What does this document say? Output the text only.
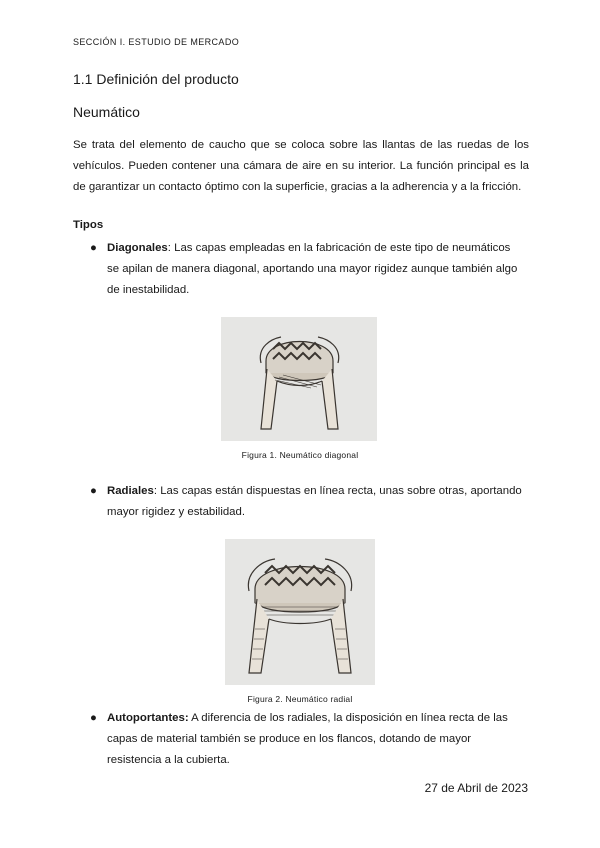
SECCIÓN I. ESTUDIO DE MERCADO
1.1 Definición del producto
Neumático
Se trata del elemento de caucho que se coloca sobre las llantas de las ruedas de los vehículos. Pueden contener una cámara de aire en su interior. La función principal es la de garantizar un contacto óptimo con la superficie, gracias a la adherencia y a la fricción.
Tipos
● Diagonales: Las capas empleadas en la fabricación de este tipo de neumáticos se apilan de manera diagonal, aportando una mayor rigidez aunque también algo de inestabilidad.
Figura 1. Neumático diagonal
● Radiales: Las capas están dispuestas en línea recta, unas sobre otras, aportando mayor rigidez y estabilidad.
Figura 2. Neumático radial
● Autoportantes: A diferencia de los radiales, la disposición en línea recta de las capas de material también se produce en los flancos, dotando de mayor resistencia a la cubierta.
27 de Abril de 2023
